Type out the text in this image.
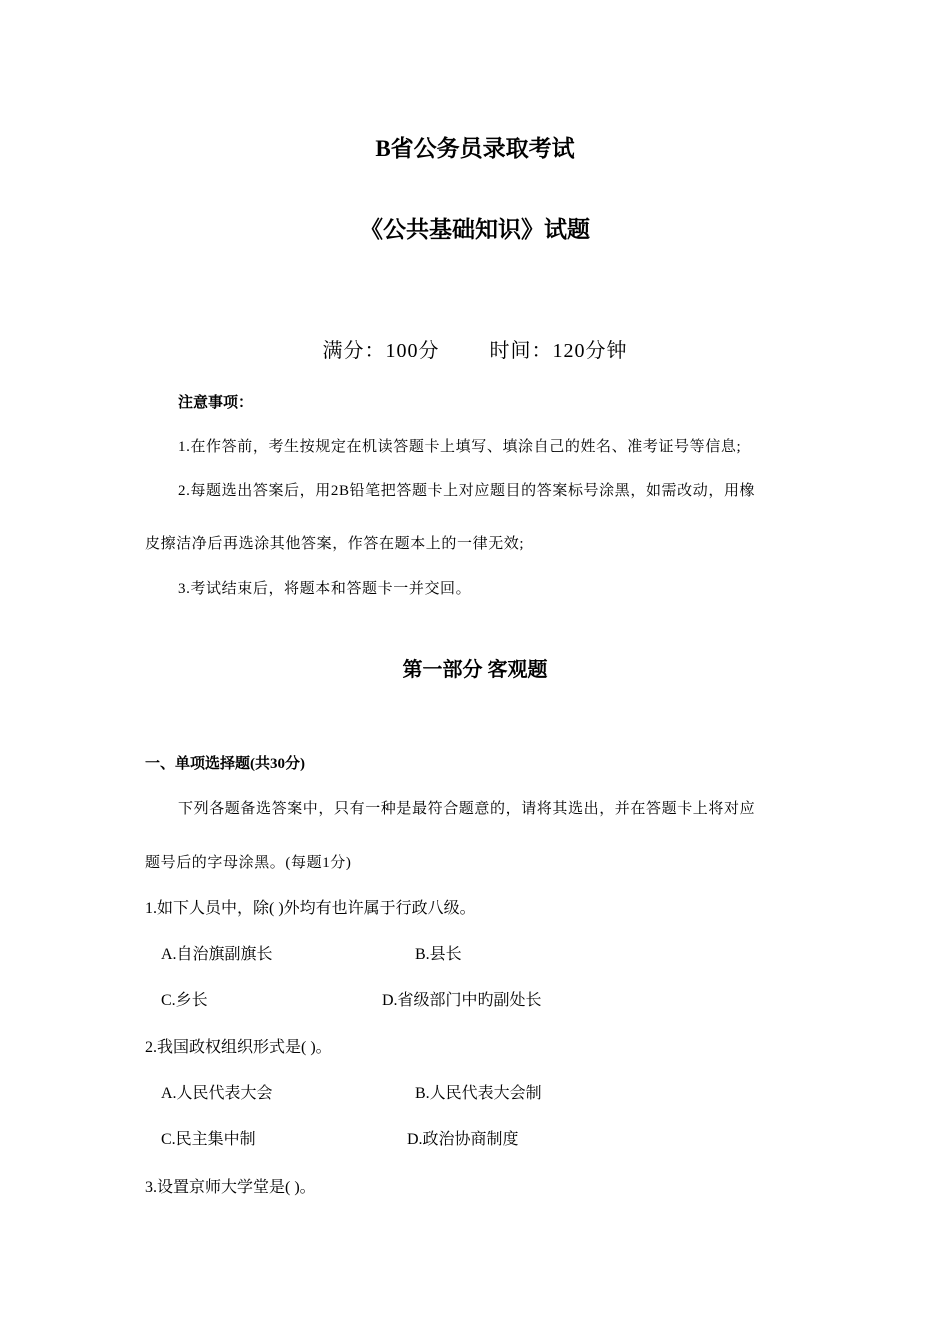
B省公务员录取考试
《公共基础知识》试题
满分：100分	时间：120分钟
注意事项：
1.在作答前，考生按规定在机读答题卡上填写、填涂自己的姓名、准考证号等信息;
2.每题选出答案后，用2B铅笔把答题卡上对应题目的答案标号涂黑，如需改动，用橡
皮擦洁净后再选涂其他答案，作答在题本上的一律无效;
3.考试结束后，将题本和答题卡一并交回。
第一部分 客观题
一、单项选择题(共30分)
下列各题备选答案中，只有一种是最符合题意的，请将其选出，并在答题卡上将对应
题号后的字母涂黑。(每题1分)
1.如下人员中，除( )外均有也许属于行政八级。
A.自治旗副旗长	B.县长
C.乡长	D.省级部门中旳副处长
2.我国政权组织形式是( )。
A.人民代表大会	B.人民代表大会制
C.民主集中制	D.政治协商制度
3.设置京师大学堂是( )。
